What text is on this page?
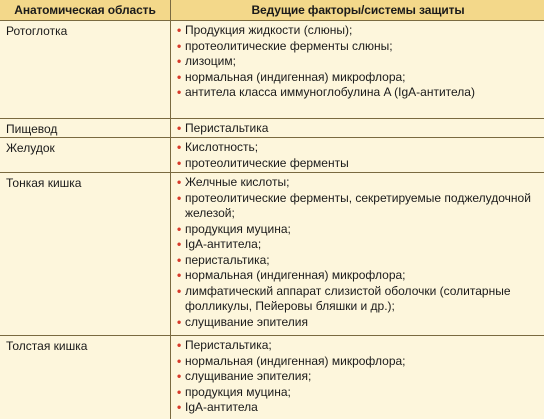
Анатомическая область	Ведущие факторы/системы защиты
Ротоглотка	• Продукция жидкости (слюны);
• протеолитические ферменты слюны;
• лизоцим;
• нормальная (индигенная) микрофлора;
• антитела класса иммуноглобулина A (IgA-антитела)
Пищевод	• Перистальтика
Желудок	• Кислотность;
• протеолитические ферменты
Тонкая кишка	• Желчные кислоты;
• протеолитические ферменты, секретируемые поджелудочной железой;
• продукция муцина;
• IgA-антитела;
• перистальтика;
• нормальная (индигенная) микрофлора;
• лимфатический аппарат слизистой оболочки (солитарные фолликулы, Пейеровы бляшки и др.);
• слущивание эпителия
Толстая кишка	• Перистальтика;
• нормальная (индигенная) микрофлора;
• слущивание эпителия;
• продукция муцина;
• IgA-антитела
